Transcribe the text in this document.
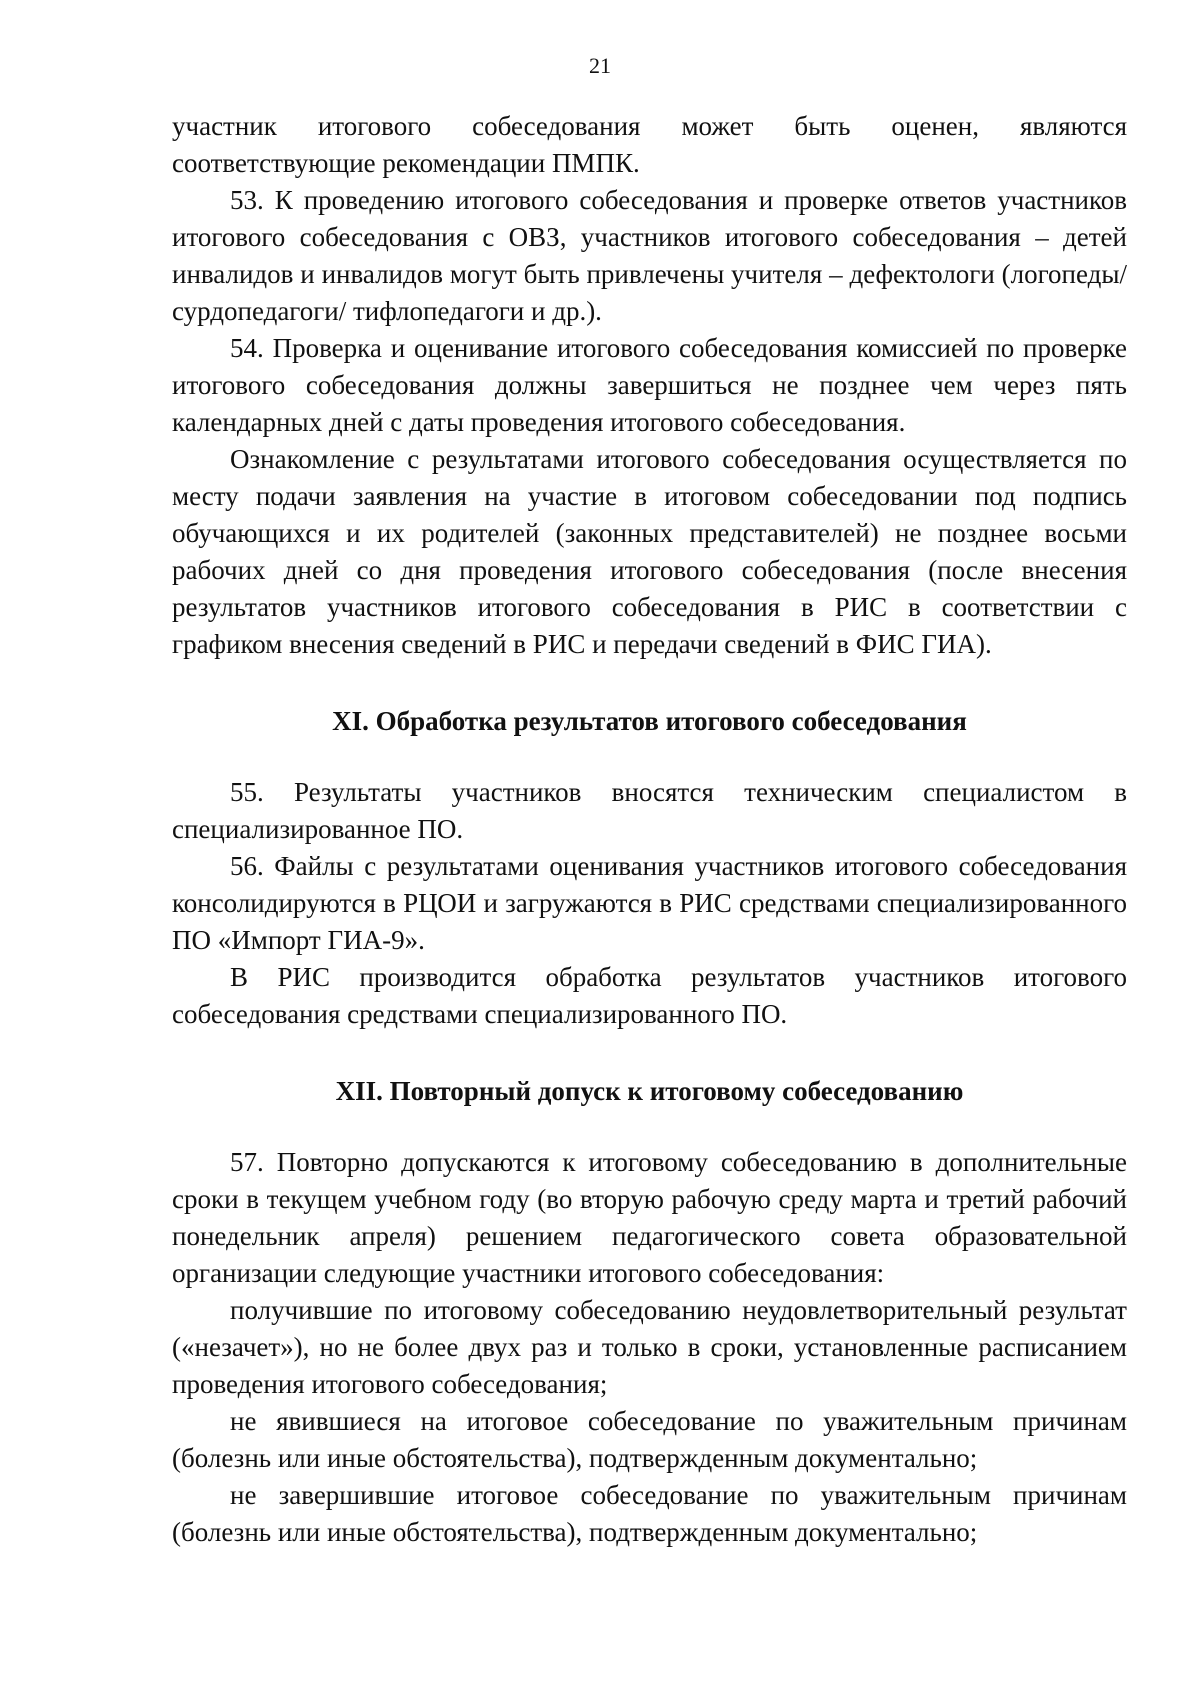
21

участник итогового собеседования может быть оценен, являются соответствующие рекомендации ПМПК.

53. К проведению итогового собеседования и проверке ответов участников итогового собеседования с ОВЗ, участников итогового собеседования – детей инвалидов и инвалидов могут быть привлечены учителя – дефектологи (логопеды/ сурдопедагоги/ тифлопедагоги и др.).

54. Проверка и оценивание итогового собеседования комиссией по проверке итогового собеседования должны завершиться не позднее чем через пять календарных дней с даты проведения итогового собеседования.

Ознакомление с результатами итогового собеседования осуществляется по месту подачи заявления на участие в итоговом собеседовании под подпись обучающихся и их родителей (законных представителей) не позднее восьми рабочих дней со дня проведения итогового собеседования (после внесения результатов участников итогового собеседования в РИС в соответствии с графиком внесения сведений в РИС и передачи сведений в ФИС ГИА).

XI. Обработка результатов итогового собеседования

55. Результаты участников вносятся техническим специалистом в специализированное ПО.

56. Файлы с результатами оценивания участников итогового собеседования консолидируются в РЦОИ и загружаются в РИС средствами специализированного ПО «Импорт ГИА-9».

В РИС производится обработка результатов участников итогового собеседования средствами специализированного ПО.

XII. Повторный допуск к итоговому собеседованию

57. Повторно допускаются к итоговому собеседованию в дополнительные сроки в текущем учебном году (во вторую рабочую среду марта и третий рабочий понедельник апреля) решением педагогического совета образовательной организации следующие участники итогового собеседования:

получившие по итоговому собеседованию неудовлетворительный результат («незачет»), но не более двух раз и только в сроки, установленные расписанием проведения итогового собеседования;

не явившиеся на итоговое собеседование по уважительным причинам (болезнь или иные обстоятельства), подтвержденным документально;

не завершившие итоговое собеседование по уважительным причинам (болезнь или иные обстоятельства), подтвержденным документально;
